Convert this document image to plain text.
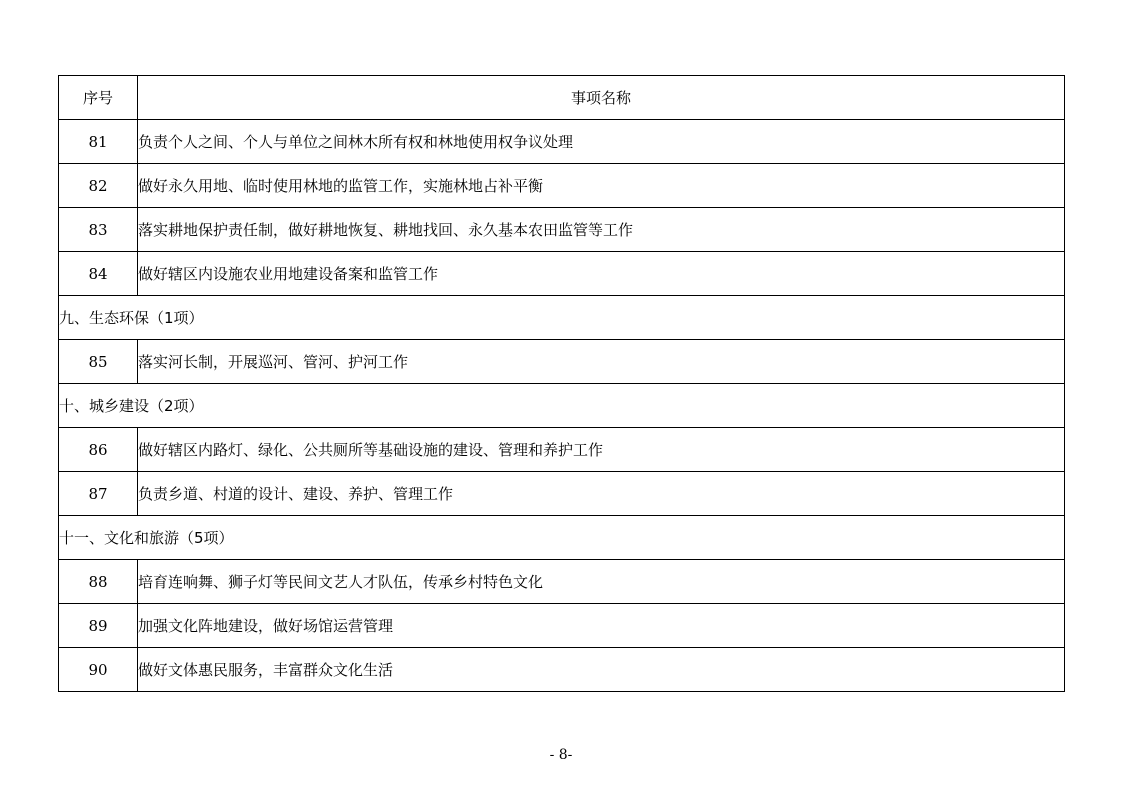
序号	事项名称
81	负责个人之间、个人与单位之间林木所有权和林地使用权争议处理
82	做好永久用地、临时使用林地的监管工作，实施林地占补平衡
83	落实耕地保护责任制，做好耕地恢复、耕地找回、永久基本农田监管等工作
84	做好辖区内设施农业用地建设备案和监管工作
九、生态环保（1项）	
85	落实河长制，开展巡河、管河、护河工作
十、城乡建设（2项）	
86	做好辖区内路灯、绿化、公共厕所等基础设施的建设、管理和养护工作
87	负责乡道、村道的设计、建设、养护、管理工作
十一、文化和旅游（5项）	
88	培育连响舞、狮子灯等民间文艺人才队伍，传承乡村特色文化
89	加强文化阵地建设，做好场馆运营管理
90	做好文体惠民服务，丰富群众文化生活
- 8-
